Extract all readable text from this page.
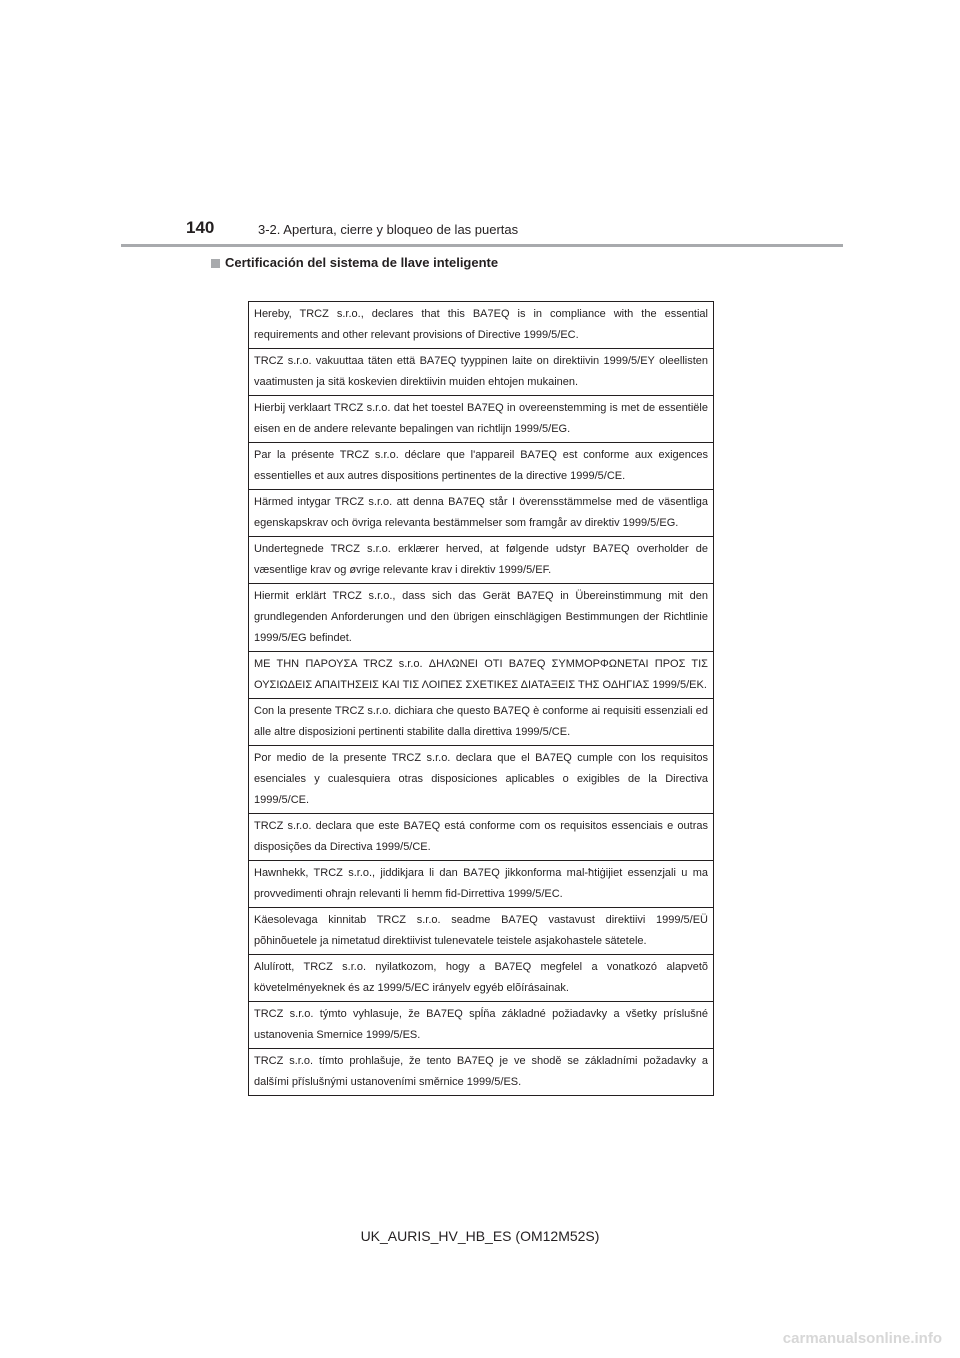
140	3-2. Apertura, cierre y bloqueo de las puertas
Certificación del sistema de llave inteligente
Hereby, TRCZ s.r.o., declares that this BA7EQ is in compliance with the essential requirements and other relevant provisions of Directive 1999/5/EC.
TRCZ s.r.o. vakuuttaa täten että BA7EQ tyyppinen laite on direktiivin 1999/5/EY oleellisten vaatimusten ja sitä koskevien direktiivin muiden ehtojen mukainen.
Hierbij verklaart TRCZ s.r.o. dat het toestel BA7EQ in overeenstemming is met de essentiële eisen en de andere relevante bepalingen van richtlijn 1999/5/EG.
Par la présente TRCZ s.r.o. déclare que l'appareil BA7EQ est conforme aux exigences essentielles et aux autres dispositions pertinentes de la directive 1999/5/CE.
Härmed intygar TRCZ s.r.o. att denna BA7EQ står I överensstämmelse med de väsentliga egenskapskrav och övriga relevanta bestämmelser som framgår av direktiv 1999/5/EG.
Undertegnede TRCZ s.r.o. erklærer herved, at følgende udstyr BA7EQ overholder de væsentlige krav og øvrige relevante krav i direktiv 1999/5/EF.
Hiermit erklärt TRCZ s.r.o., dass sich das Gerät BA7EQ in Übereinstimmung mit den grundlegenden Anforderungen und den übrigen einschlägigen Bestimmungen der Richtlinie 1999/5/EG befindet.
ΜΕ ΤΗΝ ΠΑΡΟΥΣΑ TRCZ s.r.o. ΔΗΛΩΝΕΙ ΟΤΙ BA7EQ ΣΥΜΜΟΡΦΩΝΕΤΑΙ ΠΡΟΣ ΤΙΣ ΟΥΣΙΩΔΕΙΣ ΑΠΑΙΤΗΣΕΙΣ ΚΑΙ ΤΙΣ ΛΟΙΠΕΣ ΣΧΕΤΙΚΕΣ ΔΙΑΤΑΞΕΙΣ ΤΗΣ ΟΔΗΓΙΑΣ 1999/5/ΕΚ.
Con la presente TRCZ s.r.o. dichiara che questo BA7EQ è conforme ai requisiti essenziali ed alle altre disposizioni pertinenti stabilite dalla direttiva 1999/5/CE.
Por medio de la presente TRCZ s.r.o. declara que el BA7EQ cumple con los requisitos esenciales y cualesquiera otras disposiciones aplicables o exigibles de la Directiva 1999/5/CE.
TRCZ s.r.o. declara que este BA7EQ está conforme com os requisitos essenciais e outras disposições da Directiva 1999/5/CE.
Hawnhekk, TRCZ s.r.o., jiddikjara li dan BA7EQ jikkonforma mal-ħtiġijiet essenzjali u ma provvedimenti oħrajn relevanti li hemm fid-Dirrettiva 1999/5/EC.
Käesolevaga kinnitab TRCZ s.r.o. seadme BA7EQ vastavust direktiivi 1999/5/EÜ põhinõuetele ja nimetatud direktiivist tulenevatele teistele asjakohastele sätetele.
Alulírott, TRCZ s.r.o. nyilatkozom, hogy a BA7EQ megfelel a vonatkozó alapvetõ követelményeknek és az 1999/5/EC irányelv egyéb elõírásainak.
TRCZ s.r.o. týmto vyhlasuje, že BA7EQ spĺňa základné požiadavky a všetky príslušné ustanovenia Smernice 1999/5/ES.
TRCZ s.r.o. tímto prohlašuje, že tento BA7EQ je ve shodě se základními požadavky a dalšími příslušnými ustanoveními směrnice 1999/5/ES.
UK_AURIS_HV_HB_ES (OM12M52S)
carmanualsonline.info
